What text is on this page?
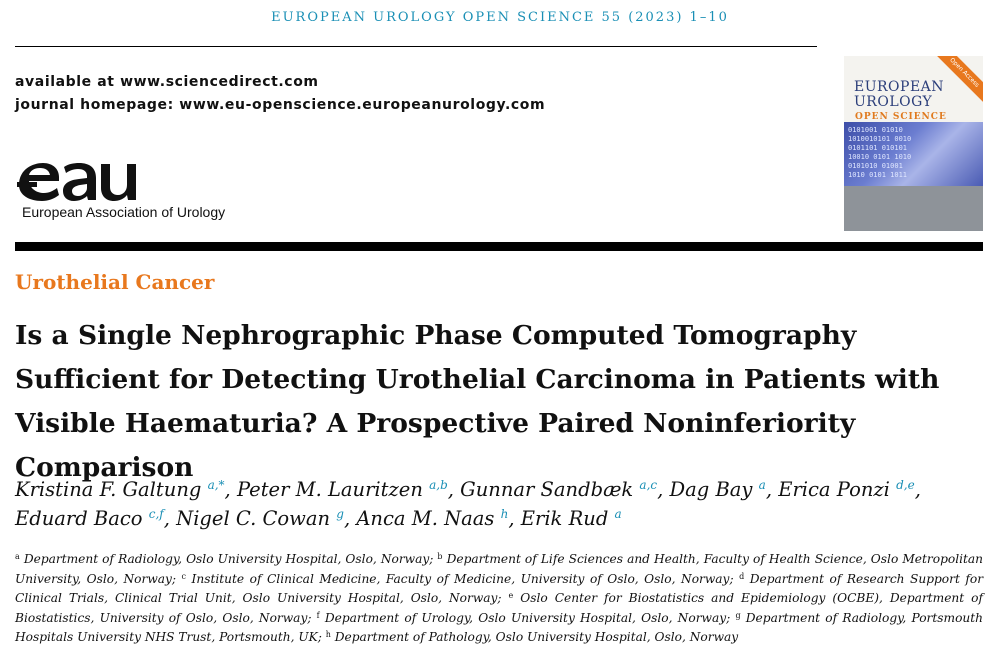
EUROPEAN UROLOGY OPEN SCIENCE 55 (2023) 1–10
available at www.sciencedirect.com
journal homepage: www.eu-openscience.europeanurology.com
European Association of Urology
EUROPEAN
UROLOGY
OPEN SCIENCE
0101001 01010
1010010101 0010
0101101 010101
10010 0101 1010
0101010 01001
1010 0101 1011
Open Access
Urothelial Cancer
Is a Single Nephrographic Phase Computed Tomography Sufficient for Detecting Urothelial Carcinoma in Patients with Visible Haematuria? A Prospective Paired Noninferiority Comparison
Kristina F. Galtung $^{a,*}$, Peter M. Lauritzen $^{a,b}$, Gunnar Sandbæk $^{a,c}$, Dag Bay $^a$, Erica Ponzi $^{d,e}$,
Eduard Baco $^{c,f}$, Nigel C. Cowan $^g$, Anca M. Naas $^h$, Erik Rud $^a$
$^a$ Department of Radiology, Oslo University Hospital, Oslo, Norway; $^b$ Department of Life Sciences and Health, Faculty of Health Science, Oslo Metropolitan University, Oslo, Norway; $^c$ Institute of Clinical Medicine, Faculty of Medicine, University of Oslo, Oslo, Norway; $^d$ Department of Research Support for Clinical Trials, Clinical Trial Unit, Oslo University Hospital, Oslo, Norway; $^e$ Oslo Center for Biostatistics and Epidemiology (OCBE), Department of Biostatistics, University of Oslo, Oslo, Norway; $^f$ Department of Urology, Oslo University Hospital, Oslo, Norway; $^g$ Department of Radiology, Portsmouth Hospitals University NHS Trust, Portsmouth, UK; $^h$ Department of Pathology, Oslo University Hospital, Oslo, Norway
